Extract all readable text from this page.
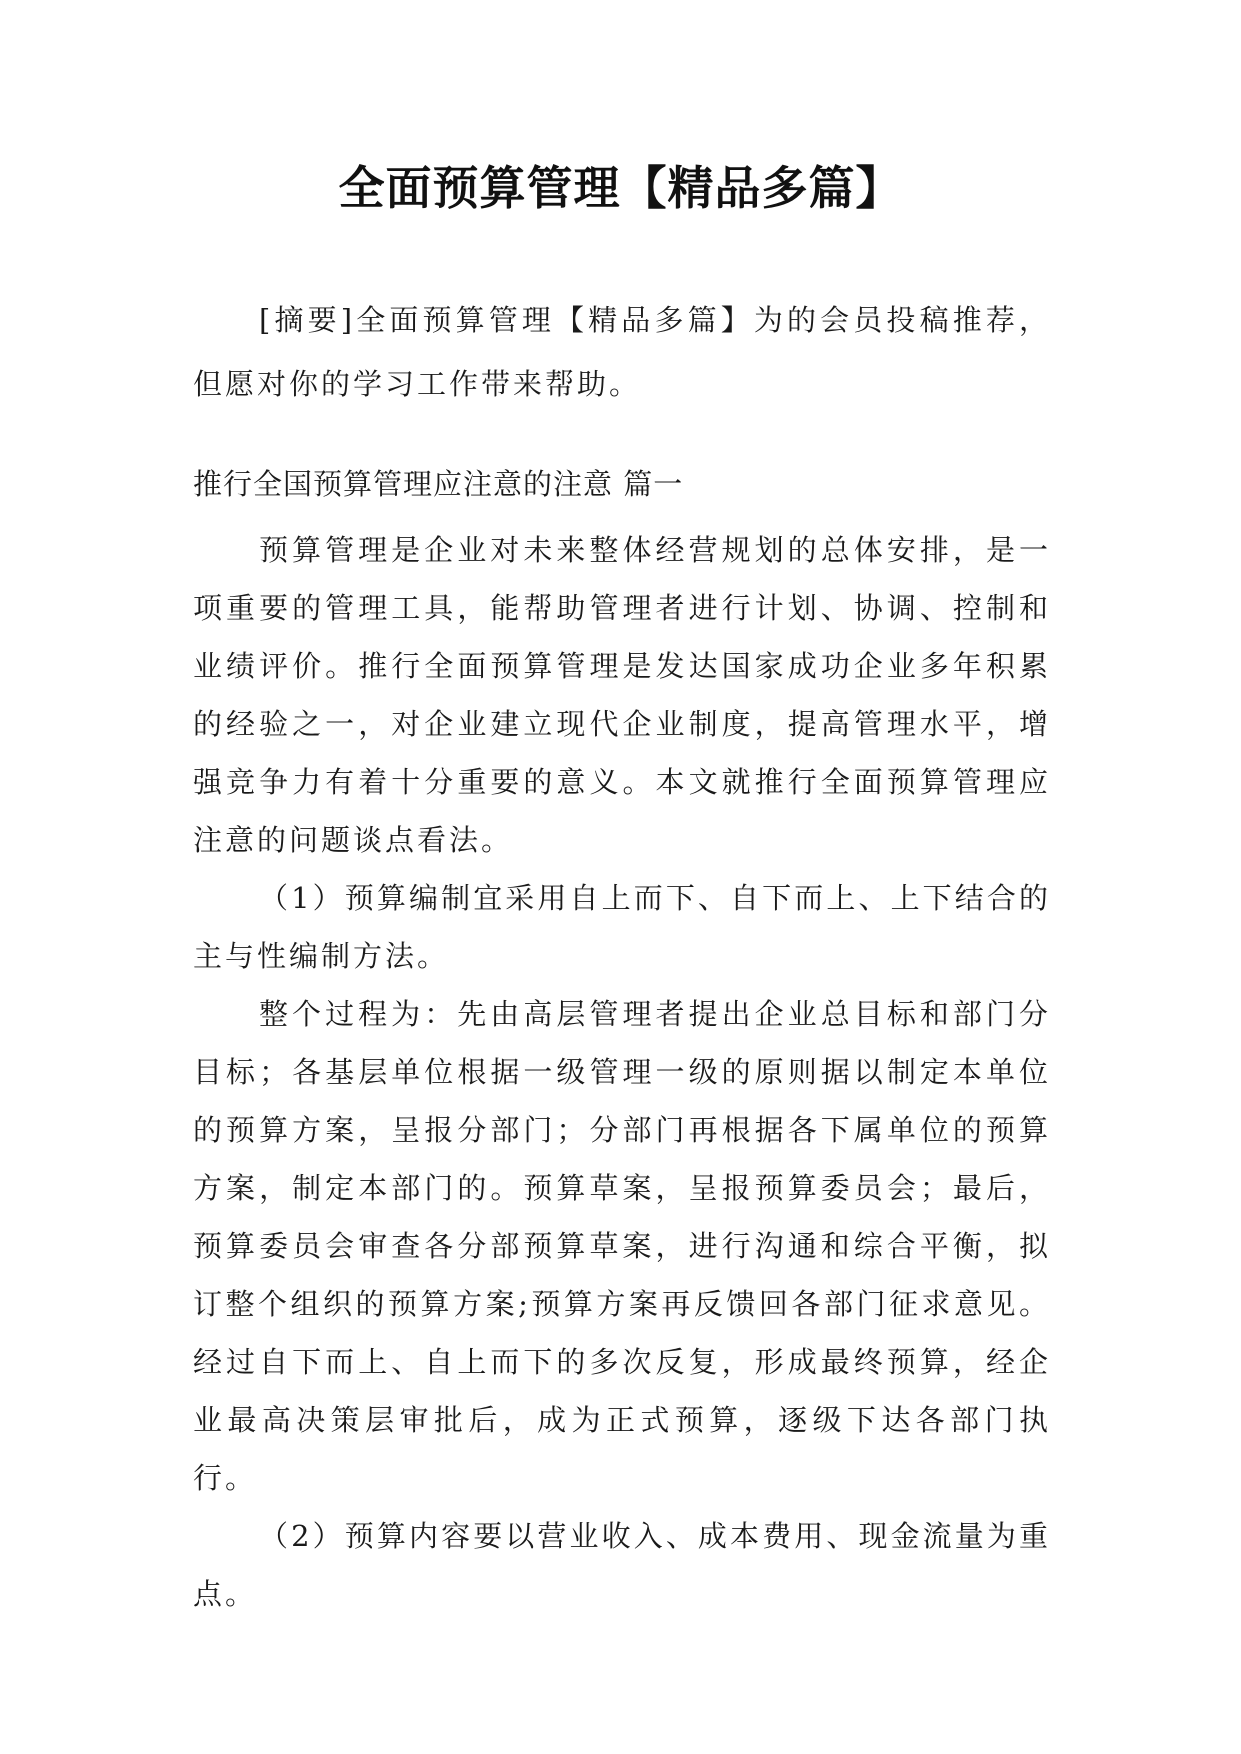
全面预算管理【精品多篇】
[摘要]全面预算管理【精品多篇】为的会员投稿推荐，但愿对你的学习工作带来帮助。
推行全国预算管理应注意的注意 篇一

预算管理是企业对未来整体经营规划的总体安排，是一项重要的管理工具，能帮助管理者进行计划、协调、控制和业绩评价。推行全面预算管理是发达国家成功企业多年积累的经验之一，对企业建立现代企业制度，提高管理水平，增强竞争力有着十分重要的意义。本文就推行全面预算管理应注意的问题谈点看法。

（1）预算编制宜采用自上而下、自下而上、上下结合的主与性编制方法。

整个过程为：先由高层管理者提出企业总目标和部门分目标；各基层单位根据一级管理一级的原则据以制定本单位的预算方案，呈报分部门；分部门再根据各下属单位的预算方案，制定本部门的。预算草案，呈报预算委员会；最后，预算委员会审查各分部预算草案，进行沟通和综合平衡，拟订整个组织的预算方案;预算方案再反馈回各部门征求意见。经过自下而上、自上而下的多次反复，形成最终预算，经企业最高决策层审批后，成为正式预算，逐级下达各部门执行。

（2）预算内容要以营业收入、成本费用、现金流量为重点。
